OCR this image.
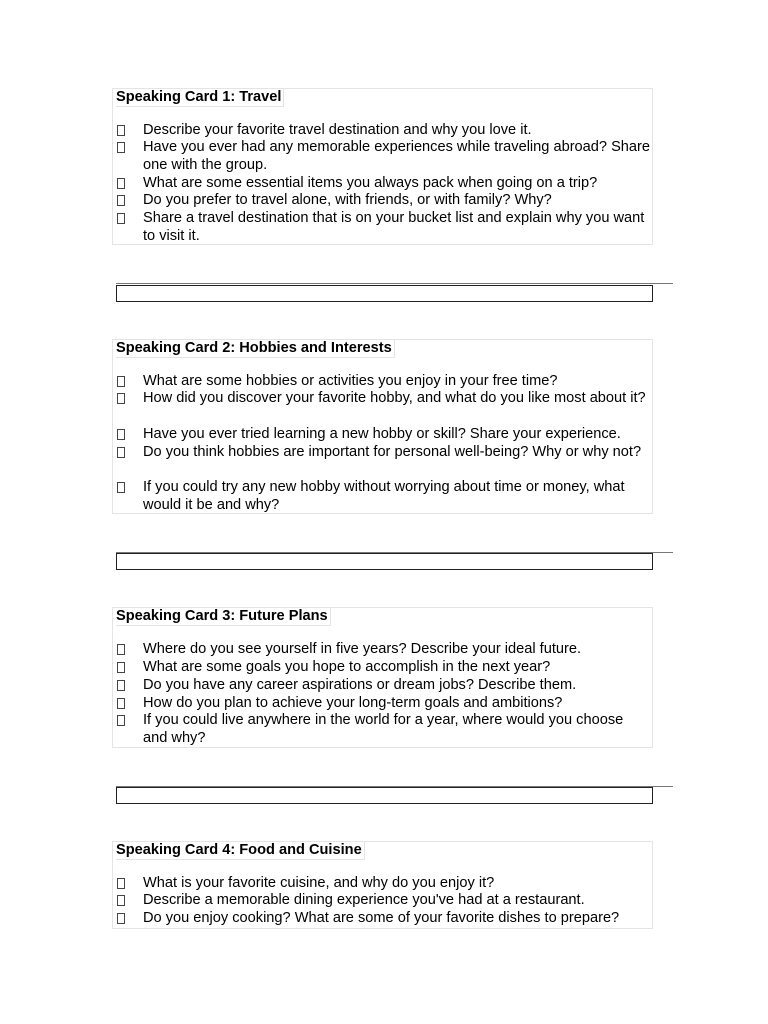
Speaking Card 1: Travel
Describe your favorite travel destination and why you love it.
Have you ever had any memorable experiences while traveling abroad? Share one with the group.
What are some essential items you always pack when going on a trip?
Do you prefer to travel alone, with friends, or with family? Why?
Share a travel destination that is on your bucket list and explain why you want to visit it.
Speaking Card 2: Hobbies and Interests
What are some hobbies or activities you enjoy in your free time?
How did you discover your favorite hobby, and what do you like most about it?
Have you ever tried learning a new hobby or skill? Share your experience.
Do you think hobbies are important for personal well-being? Why or why not?
If you could try any new hobby without worrying about time or money, what would it be and why?
Speaking Card 3: Future Plans
Where do you see yourself in five years? Describe your ideal future.
What are some goals you hope to accomplish in the next year?
Do you have any career aspirations or dream jobs? Describe them.
How do you plan to achieve your long-term goals and ambitions?
If you could live anywhere in the world for a year, where would you choose and why?
Speaking Card 4: Food and Cuisine
What is your favorite cuisine, and why do you enjoy it?
Describe a memorable dining experience you've had at a restaurant.
Do you enjoy cooking? What are some of your favorite dishes to prepare?
